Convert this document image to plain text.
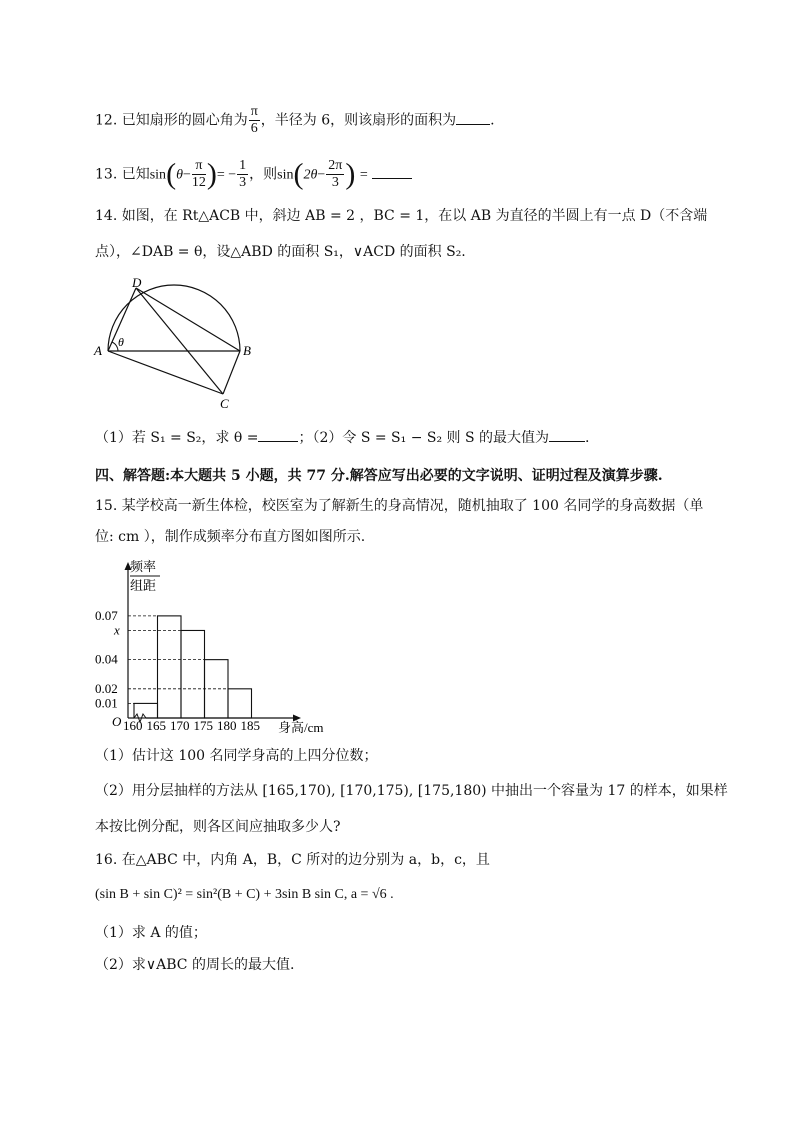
12. 已知扇形的圆心角为 $\frac{\pi}{6}$ ，半径为 6，则该扇形的面积为 .
13. 已知$\sin(\theta- \frac{\pi}{12}$ )= − $\frac{1}{3}$ ，则$\sin(2\theta- \frac{2\pi}{3}$ ) =
14. 如图，在 Rt△ACB 中，斜边 AB = 2 ，BC = 1，在以 AB 为直径的半圆上有一点 D（不含端
点），∠DAB = θ，设△ABD 的面积 S₁，∨ACD 的面积 S₂.
D
A	B
C
θ
（1）若 S₁ = S₂，求 θ =	；（2）令 S = S₁ − S₂ 则 S 的最大值为	.
四、解答题:本大题共 5 小题，共 77 分.解答应写出必要的文字说明、证明过程及演算步骤.
15. 某学校高一新生体检，校医室为了解新生的身高情况，随机抽取了 100 名同学的身高数据（单
位: cm ），制作成频率分布直方图如图所示.
频率
组距
O	身高/cm
0.01
0.02
0.04
x
0.07
160 165 170 175 180 185
（1）估计这 100 名同学身高的上四分位数；
（2）用分层抽样的方法从 [165,170), [170,175), [175,180) 中抽出一个容量为 17 的样本，如果样
本按比例分配，则各区间应抽取多少人?
16. 在△ABC 中，内角 A，B，C 所对的边分别为 a，b，c，且
(sin B + sin C)² = sin²(B + C) + 3sin B sin C, a = √6 .
（1）求 A 的值；
（2）求∨ABC 的周长的最大值.
